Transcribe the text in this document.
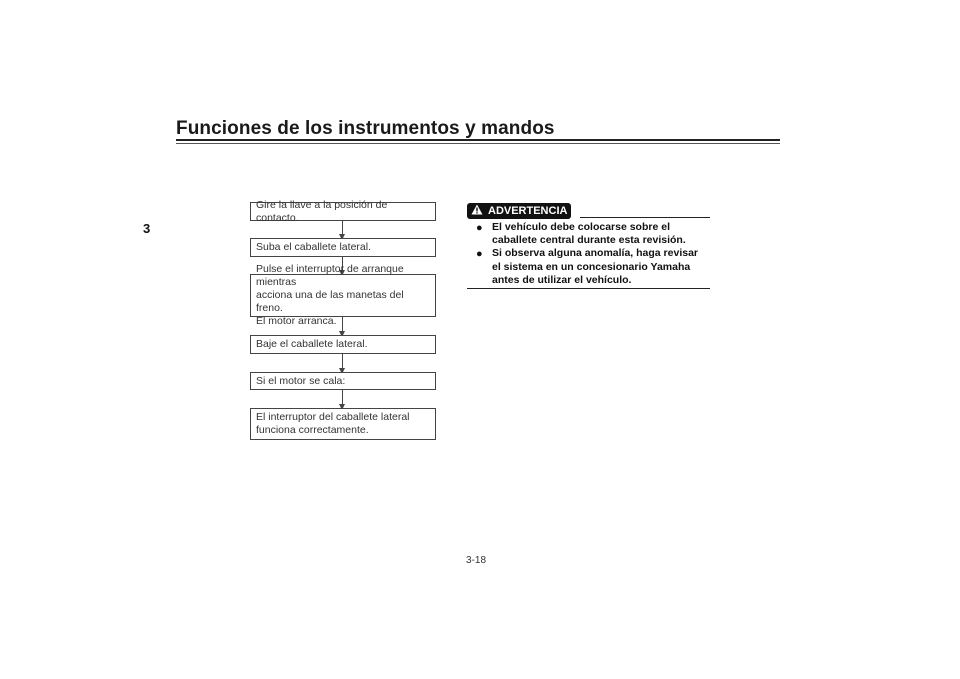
Funciones de los instrumentos y mandos
3
Gire la llave a la posición de contacto.
Suba el caballete lateral.
Pulse el interruptor de arranque mientras
acciona una de las manetas del freno.
El motor arranca.
Baje el caballete lateral.
Si el motor se cala:
El interruptor del caballete lateral
funciona correctamente.
ADVERTENCIA
● El vehículo debe colocarse sobre el
caballete central durante esta revisión.
● Si observa alguna anomalía, haga revisar
el sistema en un concesionario Yamaha
antes de utilizar el vehículo.
3-18
